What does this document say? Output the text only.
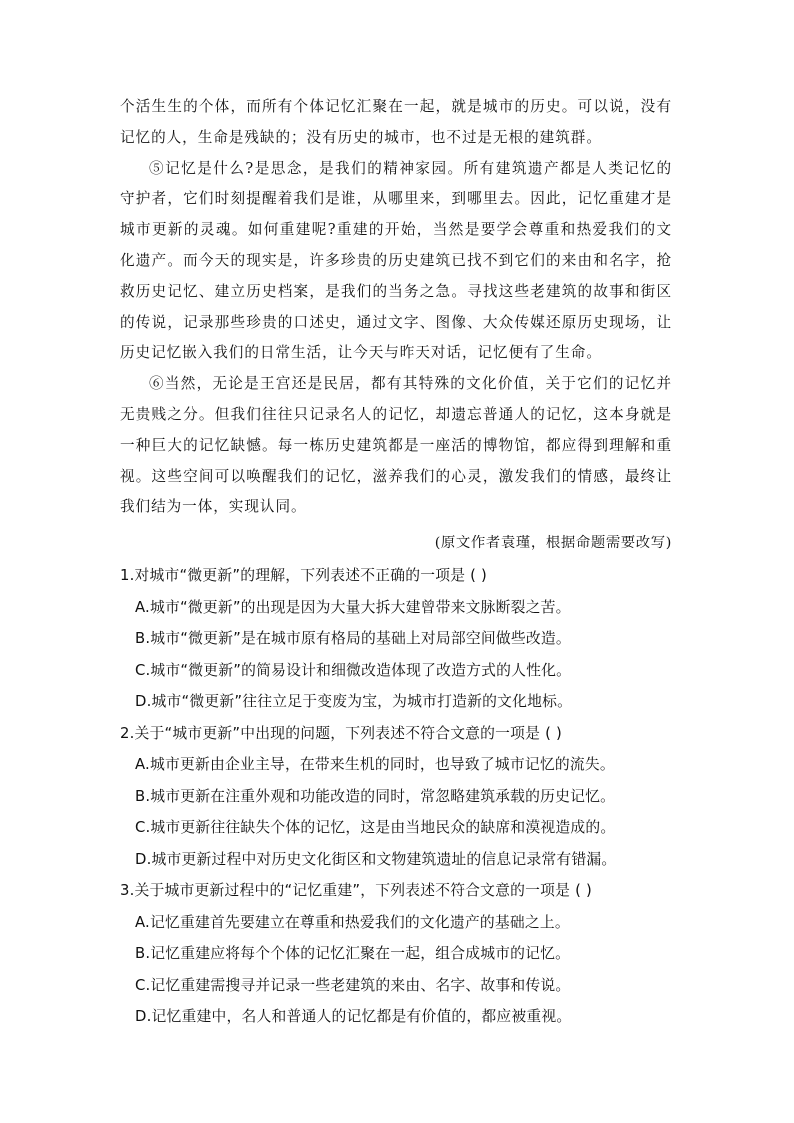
个活生生的个体，而所有个体记忆汇聚在一起，就是城市的历史。可以说，没有

记忆的人，生命是残缺的；没有历史的城市，也不过是无根的建筑群。

⑤记忆是什么?是思念，是我们的精神家园。所有建筑遗产都是人类记忆的

守护者，它们时刻提醒着我们是谁，从哪里来，到哪里去。因此，记忆重建才是

城市更新的灵魂。如何重建呢?重建的开始，当然是要学会尊重和热爱我们的文

化遗产。而今天的现实是，许多珍贵的历史建筑已找不到它们的来由和名字，抢

救历史记忆、建立历史档案，是我们的当务之急。寻找这些老建筑的故事和街区

的传说，记录那些珍贵的口述史，通过文字、图像、大众传媒还原历史现场，让

历史记忆嵌入我们的日常生活，让今天与昨天对话，记忆便有了生命。

⑥当然，无论是王宫还是民居，都有其特殊的文化价值，关于它们的记忆并

无贵贱之分。但我们往往只记录名人的记忆，却遗忘普通人的记忆，这本身就是

一种巨大的记忆缺憾。每一栋历史建筑都是一座活的博物馆，都应得到理解和重

视。这些空间可以唤醒我们的记忆，滋养我们的心灵，激发我们的情感，最终让

我们结为一体，实现认同。

(原文作者袁瑾，根据命题需要改写)
1.对城市“微更新”的理解，下列表述不正确的一项是 ( )
A.城市“微更新”的出现是因为大量大拆大建曾带来文脉断裂之苦。
B.城市“微更新”是在城市原有格局的基础上对局部空间做些改造。
C.城市“微更新”的简易设计和细微改造体现了改造方式的人性化。
D.城市“微更新”往往立足于变废为宝，为城市打造新的文化地标。
2.关于“城市更新”中出现的问题，下列表述不符合文意的一项是 ( )
A.城市更新由企业主导，在带来生机的同时，也导致了城市记忆的流失。
B.城市更新在注重外观和功能改造的同时，常忽略建筑承载的历史记忆。
C.城市更新往往缺失个体的记忆，这是由当地民众的缺席和漠视造成的。
D.城市更新过程中对历史文化街区和文物建筑遗址的信息记录常有错漏。
3.关于城市更新过程中的“记忆重建”，下列表述不符合文意的一项是 ( )
A.记忆重建首先要建立在尊重和热爱我们的文化遗产的基础之上。
B.记忆重建应将每个个体的记忆汇聚在一起，组合成城市的记忆。
C.记忆重建需搜寻并记录一些老建筑的来由、名字、故事和传说。
D.记忆重建中，名人和普通人的记忆都是有价值的，都应被重视。
